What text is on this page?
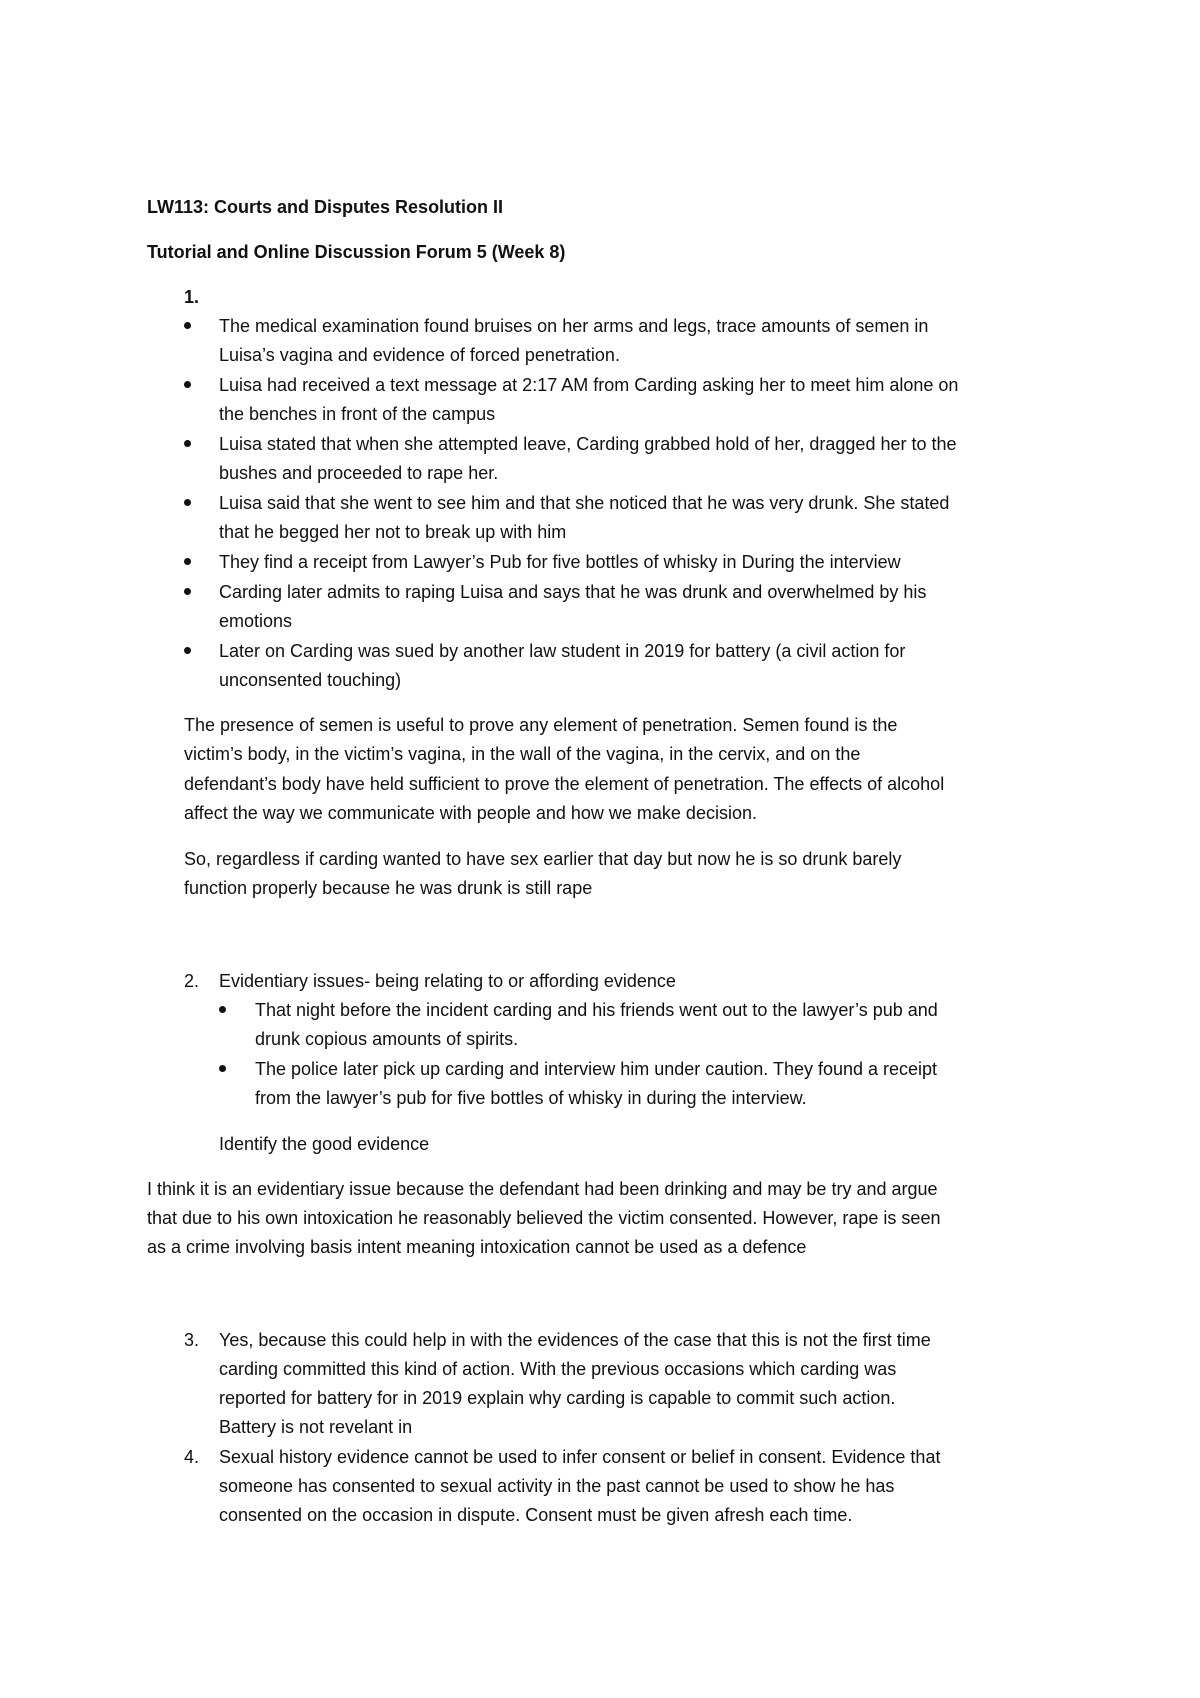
LW113: Courts and Disputes Resolution II
Tutorial and Online Discussion Forum 5 (Week 8)
1.
The medical examination found bruises on her arms and legs, trace amounts of semen in
Luisa’s vagina and evidence of forced penetration.
Luisa had received a text message at 2:17 AM from Carding asking her to meet him alone on
the benches in front of the campus
Luisa stated that when she attempted leave, Carding grabbed hold of her, dragged her to the
bushes and proceeded to rape her.
Luisa said that she went to see him and that she noticed that he was very drunk. She stated
that he begged her not to break up with him
They find a receipt from Lawyer’s Pub for five bottles of whisky in During the interview
Carding later admits to raping Luisa and says that he was drunk and overwhelmed by his
emotions
Later on Carding was sued by another law student in 2019 for battery (a civil action for
unconsented touching)
The presence of semen is useful to prove any element of penetration. Semen found is the
victim’s body, in the victim’s vagina, in the wall of the vagina, in the cervix, and on the
defendant’s body have held sufficient to prove the element of penetration. The effects of alcohol
affect the way we communicate with people and how we make decision.
So, regardless if carding wanted to have sex earlier that day but now he is so drunk barely
function properly because he was drunk is still rape
2. Evidentiary issues- being relating to or affording evidence
That night before the incident carding and his friends went out to the lawyer’s pub and
drunk copious amounts of spirits.
The police later pick up carding and interview him under caution. They found a receipt
from the lawyer’s pub for five bottles of whisky in during the interview.
Identify the good evidence
I think it is an evidentiary issue because the defendant had been drinking and may be try and argue
that due to his own intoxication he reasonably believed the victim consented. However, rape is seen
as a crime involving basis intent meaning intoxication cannot be used as a defence
3. Yes, because this could help in with the evidences of the case that this is not the first time
carding committed this kind of action. With the previous occasions which carding was
reported for battery for in 2019 explain why carding is capable to commit such action.
Battery is not revelant in
4. Sexual history evidence cannot be used to infer consent or belief in consent. Evidence that
someone has consented to sexual activity in the past cannot be used to show he has
consented on the occasion in dispute. Consent must be given afresh each time.
